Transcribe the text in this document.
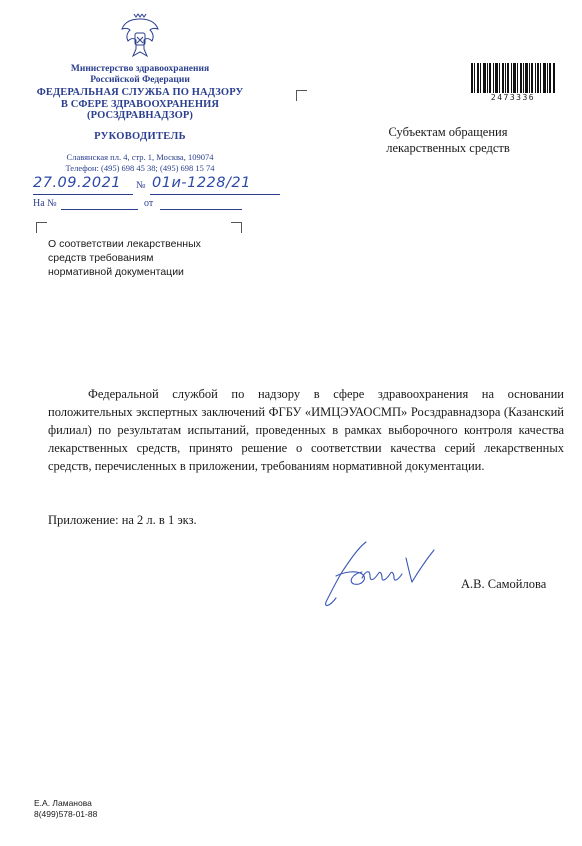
Министерство здравоохранения
Российской Федерации
ФЕДЕРАЛЬНАЯ СЛУЖБА ПО НАДЗОРУ
В СФЕРЕ ЗДРАВООХРАНЕНИЯ
(РОСЗДРАВНАДЗОР)
РУКОВОДИТЕЛЬ
Славянская пл. 4, стр. 1, Москва, 109074
Телефон: (495) 698 45 38; (495) 698 15 74
27.09.2021 № 01и-1228/21
На №	от
2473336
Субъектам обращения
лекарственных средств
О соответствии лекарственных
средств требованиям
нормативной документации
Федеральной службой по надзору в сфере здравоохранения на основании положительных экспертных заключений ФГБУ «ИМЦЭУАОСМП» Росздравнадзора (Казанский филиал) по результатам испытаний, проведенных в рамках выборочного контроля качества лекарственных средств, принято решение о соответствии качества серий лекарственных средств, перечисленных в приложении, требованиям нормативной документации.
Приложение: на 2 л. в 1 экз.
А.В. Самойлова
Е.А. Ламанова
8(499)578-01-88
